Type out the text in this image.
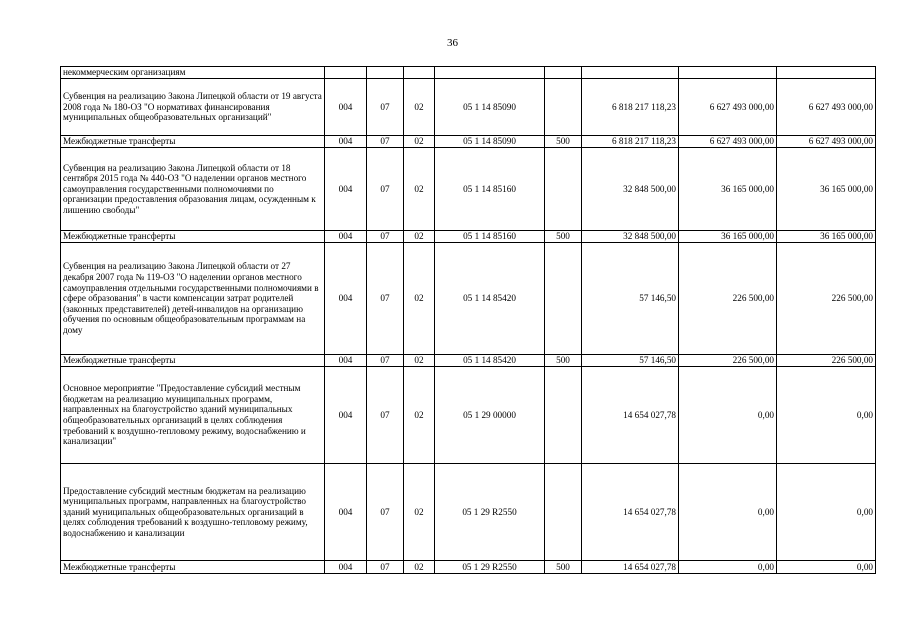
36
некоммерческим организациям								
Субвенция на реализацию Закона Липецкой области от 19 августа 2008 года № 180-ОЗ "О нормативах финансирования муниципальных общеобразовательных организаций"	004	07	02	05 1 14 85090		6 818 217 118,23	6 627 493 000,00	6 627 493 000,00
Межбюджетные трансферты	004	07	02	05 1 14 85090	500	6 818 217 118,23	6 627 493 000,00	6 627 493 000,00
Субвенция на реализацию Закона Липецкой области от 18 сентября 2015 года № 440-ОЗ "О наделении органов местного самоуправления государственными полномочиями по организации предоставления образования лицам, осужденным к лишению свободы"	004	07	02	05 1 14 85160		32 848 500,00	36 165 000,00	36 165 000,00
Межбюджетные трансферты	004	07	02	05 1 14 85160	500	32 848 500,00	36 165 000,00	36 165 000,00
Субвенция на реализацию Закона Липецкой области от 27 декабря 2007 года № 119-ОЗ "О наделении органов местного самоуправления отдельными государственными полномочиями в сфере образования" в части компенсации затрат родителей (законных представителей) детей-инвалидов на организацию обучения по основным общеобразовательным программам на дому	004	07	02	05 1 14 85420		57 146,50	226 500,00	226 500,00
Межбюджетные трансферты	004	07	02	05 1 14 85420	500	57 146,50	226 500,00	226 500,00
Основное мероприятие "Предоставление субсидий местным бюджетам на реализацию муниципальных программ, направленных на благоустройство зданий муниципальных общеобразовательных организаций в целях соблюдения требований к воздушно-тепловому режиму, водоснабжению и канализации"	004	07	02	05 1 29 00000		14 654 027,78	0,00	0,00
Предоставление субсидий местным бюджетам на реализацию муниципальных программ, направленных на благоустройство зданий муниципальных общеобразовательных организаций в целях соблюдения требований к воздушно-тепловому режиму, водоснабжению и канализации	004	07	02	05 1 29 R2550		14 654 027,78	0,00	0,00
Межбюджетные трансферты	004	07	02	05 1 29 R2550	500	14 654 027,78	0,00	0,00
